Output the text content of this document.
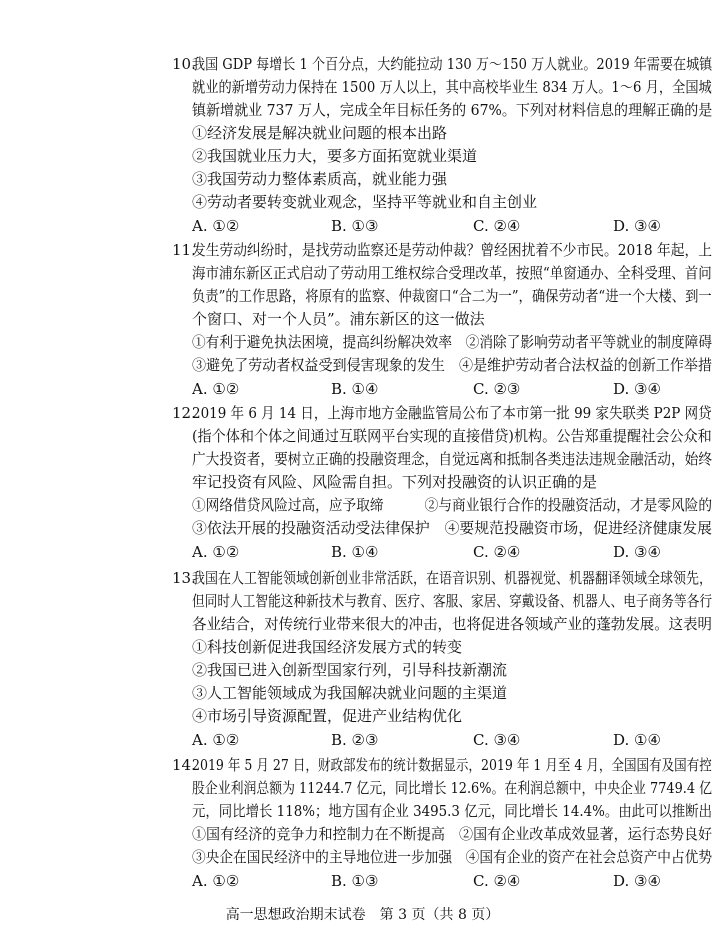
10.
我国 GDP 每增长 1 个百分点，大约能拉动 130 万～150 万人就业。2019 年需要在城镇
就业的新增劳动力保持在 1500 万人以上，其中高校毕业生 834 万人。1～6 月，全国城
镇新增就业 737 万人，完成全年目标任务的 67%。下列对材料信息的理解正确的是
①经济发展是解决就业问题的根本出路
②我国就业压力大，要多方面拓宽就业渠道
③我国劳动力整体素质高，就业能力强
④劳动者要转变就业观念，坚持平等就业和自主创业
A. ①②	B. ①③	C. ②④	D. ③④
11.
发生劳动纠纷时，是找劳动监察还是劳动仲裁？曾经困扰着不少市民。2018 年起，上
海市浦东新区正式启动了劳动用工维权综合受理改革，按照“单窗通办、全科受理、首问
负责”的工作思路，将原有的监察、仲裁窗口“合二为一”，确保劳动者“进一个大楼、到一
个窗口、对一个人员”。浦东新区的这一做法
①有利于避免执法困境，提高纠纷解决效率　②消除了影响劳动者平等就业的制度障碍
③避免了劳动者权益受到侵害现象的发生　④是维护劳动者合法权益的创新工作举措
A. ①②	B. ①④	C. ②③	D. ③④
12.
2019 年 6 月 14 日，上海市地方金融监管局公布了本市第一批 99 家失联类 P2P 网贷
(指个体和个体之间通过互联网平台实现的直接借贷)机构。公告郑重提醒社会公众和
广大投资者，要树立正确的投融资理念，自觉远离和抵制各类违法违规金融活动，始终
牢记投资有风险、风险需自担。下列对投融资的认识正确的是
①网络借贷风险过高，应予取缔　　　②与商业银行合作的投融资活动，才是零风险的
③依法开展的投融资活动受法律保护　④要规范投融资市场，促进经济健康发展
A. ①②	B. ①④	C. ②④	D. ③④
13.
我国在人工智能领域创新创业非常活跃，在语音识别、机器视觉、机器翻译领域全球领先，
但同时人工智能这种新技术与教育、医疗、客服、家居、穿戴设备、机器人、电子商务等各行
各业结合，对传统行业带来很大的冲击，也将促进各领域产业的蓬勃发展。这表明
①科技创新促进我国经济发展方式的转变
②我国已进入创新型国家行列，引导科技新潮流
③人工智能领域成为我国解决就业问题的主渠道
④市场引导资源配置，促进产业结构优化
A. ①②	B. ②③	C. ③④	D. ①④
14.
2019 年 5 月 27 日，财政部发布的统计数据显示，2019 年 1 月至 4 月，全国国有及国有控
股企业利润总额为 11244.7 亿元，同比增长 12.6%。在利润总额中，中央企业 7749.4 亿
元，同比增长 118%；地方国有企业 3495.3 亿元，同比增长 14.4%。由此可以推断出
①国有经济的竞争力和控制力在不断提高　②国有企业改革成效显著，运行态势良好
③央企在国民经济中的主导地位进一步加强　④国有企业的资产在社会总资产中占优势
A. ①②	B. ①③	C. ②④	D. ③④
高一思想政治期末试卷　第 3 页（共 8 页）
